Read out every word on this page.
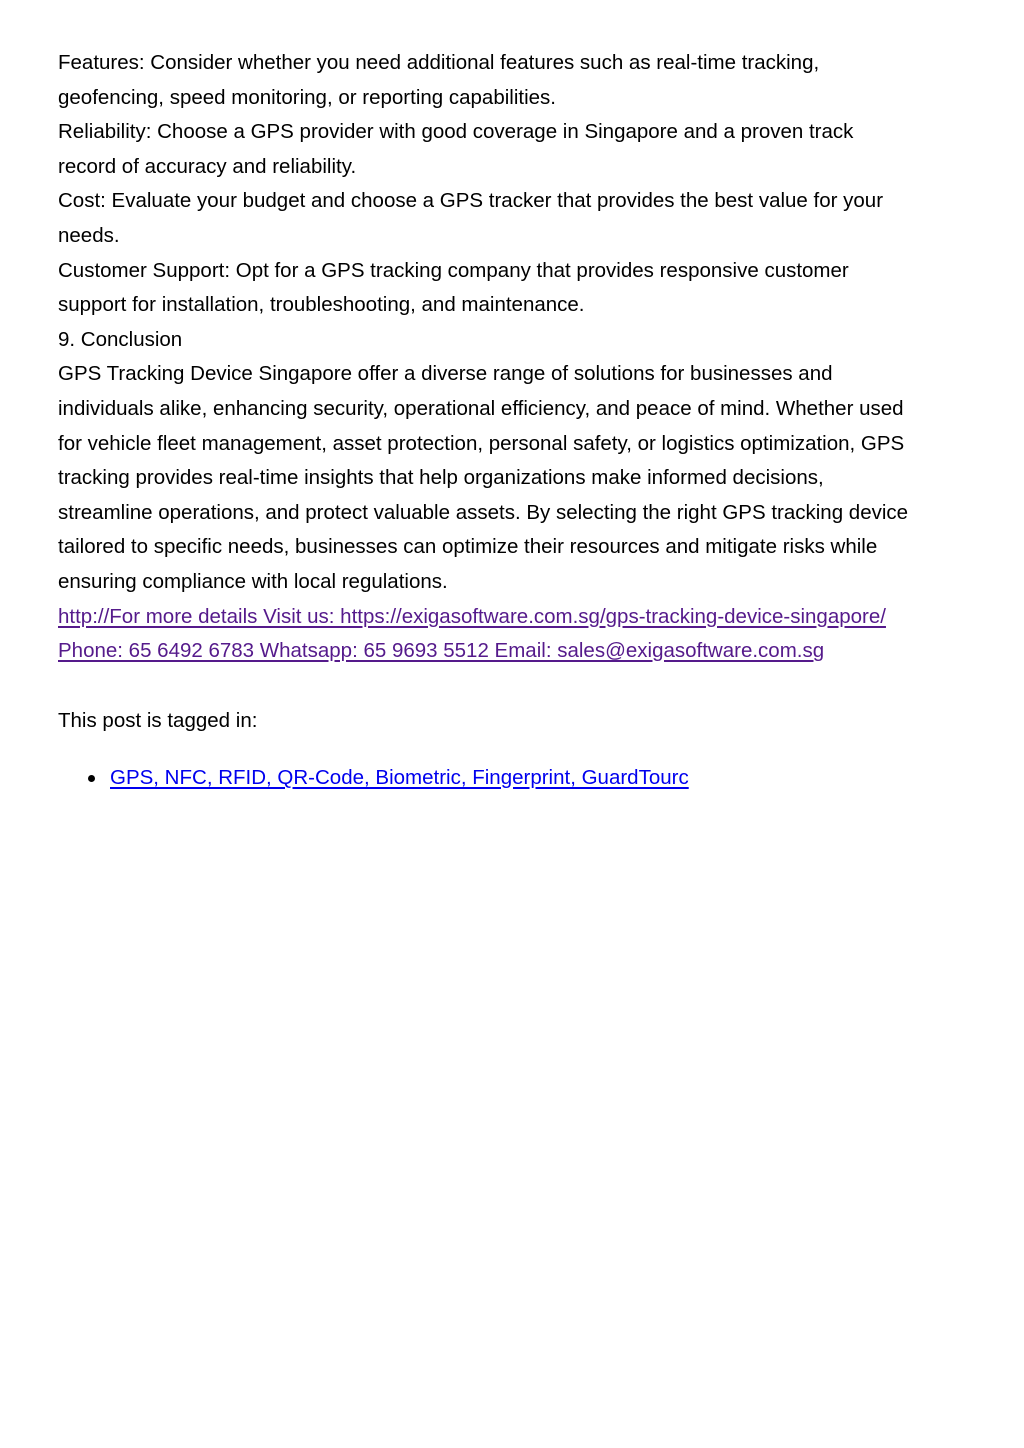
Features: Consider whether you need additional features such as real-time tracking,
geofencing, speed monitoring, or reporting capabilities.
Reliability: Choose a GPS provider with good coverage in Singapore and a proven track
record of accuracy and reliability.
Cost: Evaluate your budget and choose a GPS tracker that provides the best value for your
needs.
Customer Support: Opt for a GPS tracking company that provides responsive customer
support for installation, troubleshooting, and maintenance.
9. Conclusion
GPS Tracking Device Singapore offer a diverse range of solutions for businesses and
individuals alike, enhancing security, operational efficiency, and peace of mind. Whether used
for vehicle fleet management, asset protection, personal safety, or logistics optimization, GPS
tracking provides real-time insights that help organizations make informed decisions,
streamline operations, and protect valuable assets. By selecting the right GPS tracking device
tailored to specific needs, businesses can optimize their resources and mitigate risks while
ensuring compliance with local regulations.
http://For more details Visit us: https://exigasoftware.com.sg/gps-tracking-device-singapore/
Phone: 65 6492 6783 Whatsapp: 65 9693 5512 Email: sales@exigasoftware.com.sg
This post is tagged in:
GPS, NFC, RFID, QR-Code, Biometric, Fingerprint, GuardTourc
